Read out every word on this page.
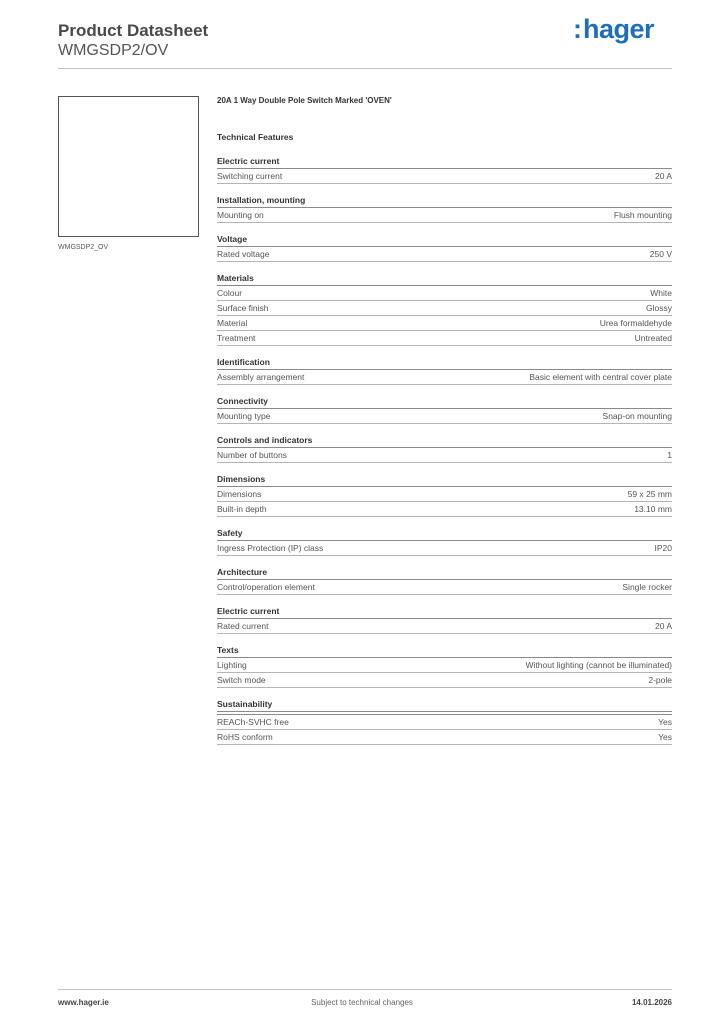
Product Datasheet
WMGSDP2/OV
:hager
WMGSDP2_OV
20A 1 Way Double Pole Switch Marked 'OVEN'
Technical Features
Electric current
Switching current	20 A
Installation, mounting
Mounting on	Flush mounting
Voltage
Rated voltage	250 V
Materials
Colour	White
Surface finish	Glossy
Material	Urea formaldehyde
Treatment	Untreated
Identification
Assembly arrangement	Basic element with central cover plate
Connectivity
Mounting type	Snap-on mounting
Controls and indicators
Number of buttons	1
Dimensions
Dimensions	59 x 25 mm
Built-in depth	13.10 mm
Safety
Ingress Protection (IP) class	IP20
Architecture
Control/operation element	Single rocker
Electric current
Rated current	20 A
Texts
Lighting	Without lighting (cannot be illuminated)
Switch mode	2-pole
Sustainability
REACh-SVHC free	Yes
RoHS conform	Yes
www.hager.ie	Subject to technical changes	14.01.2026
